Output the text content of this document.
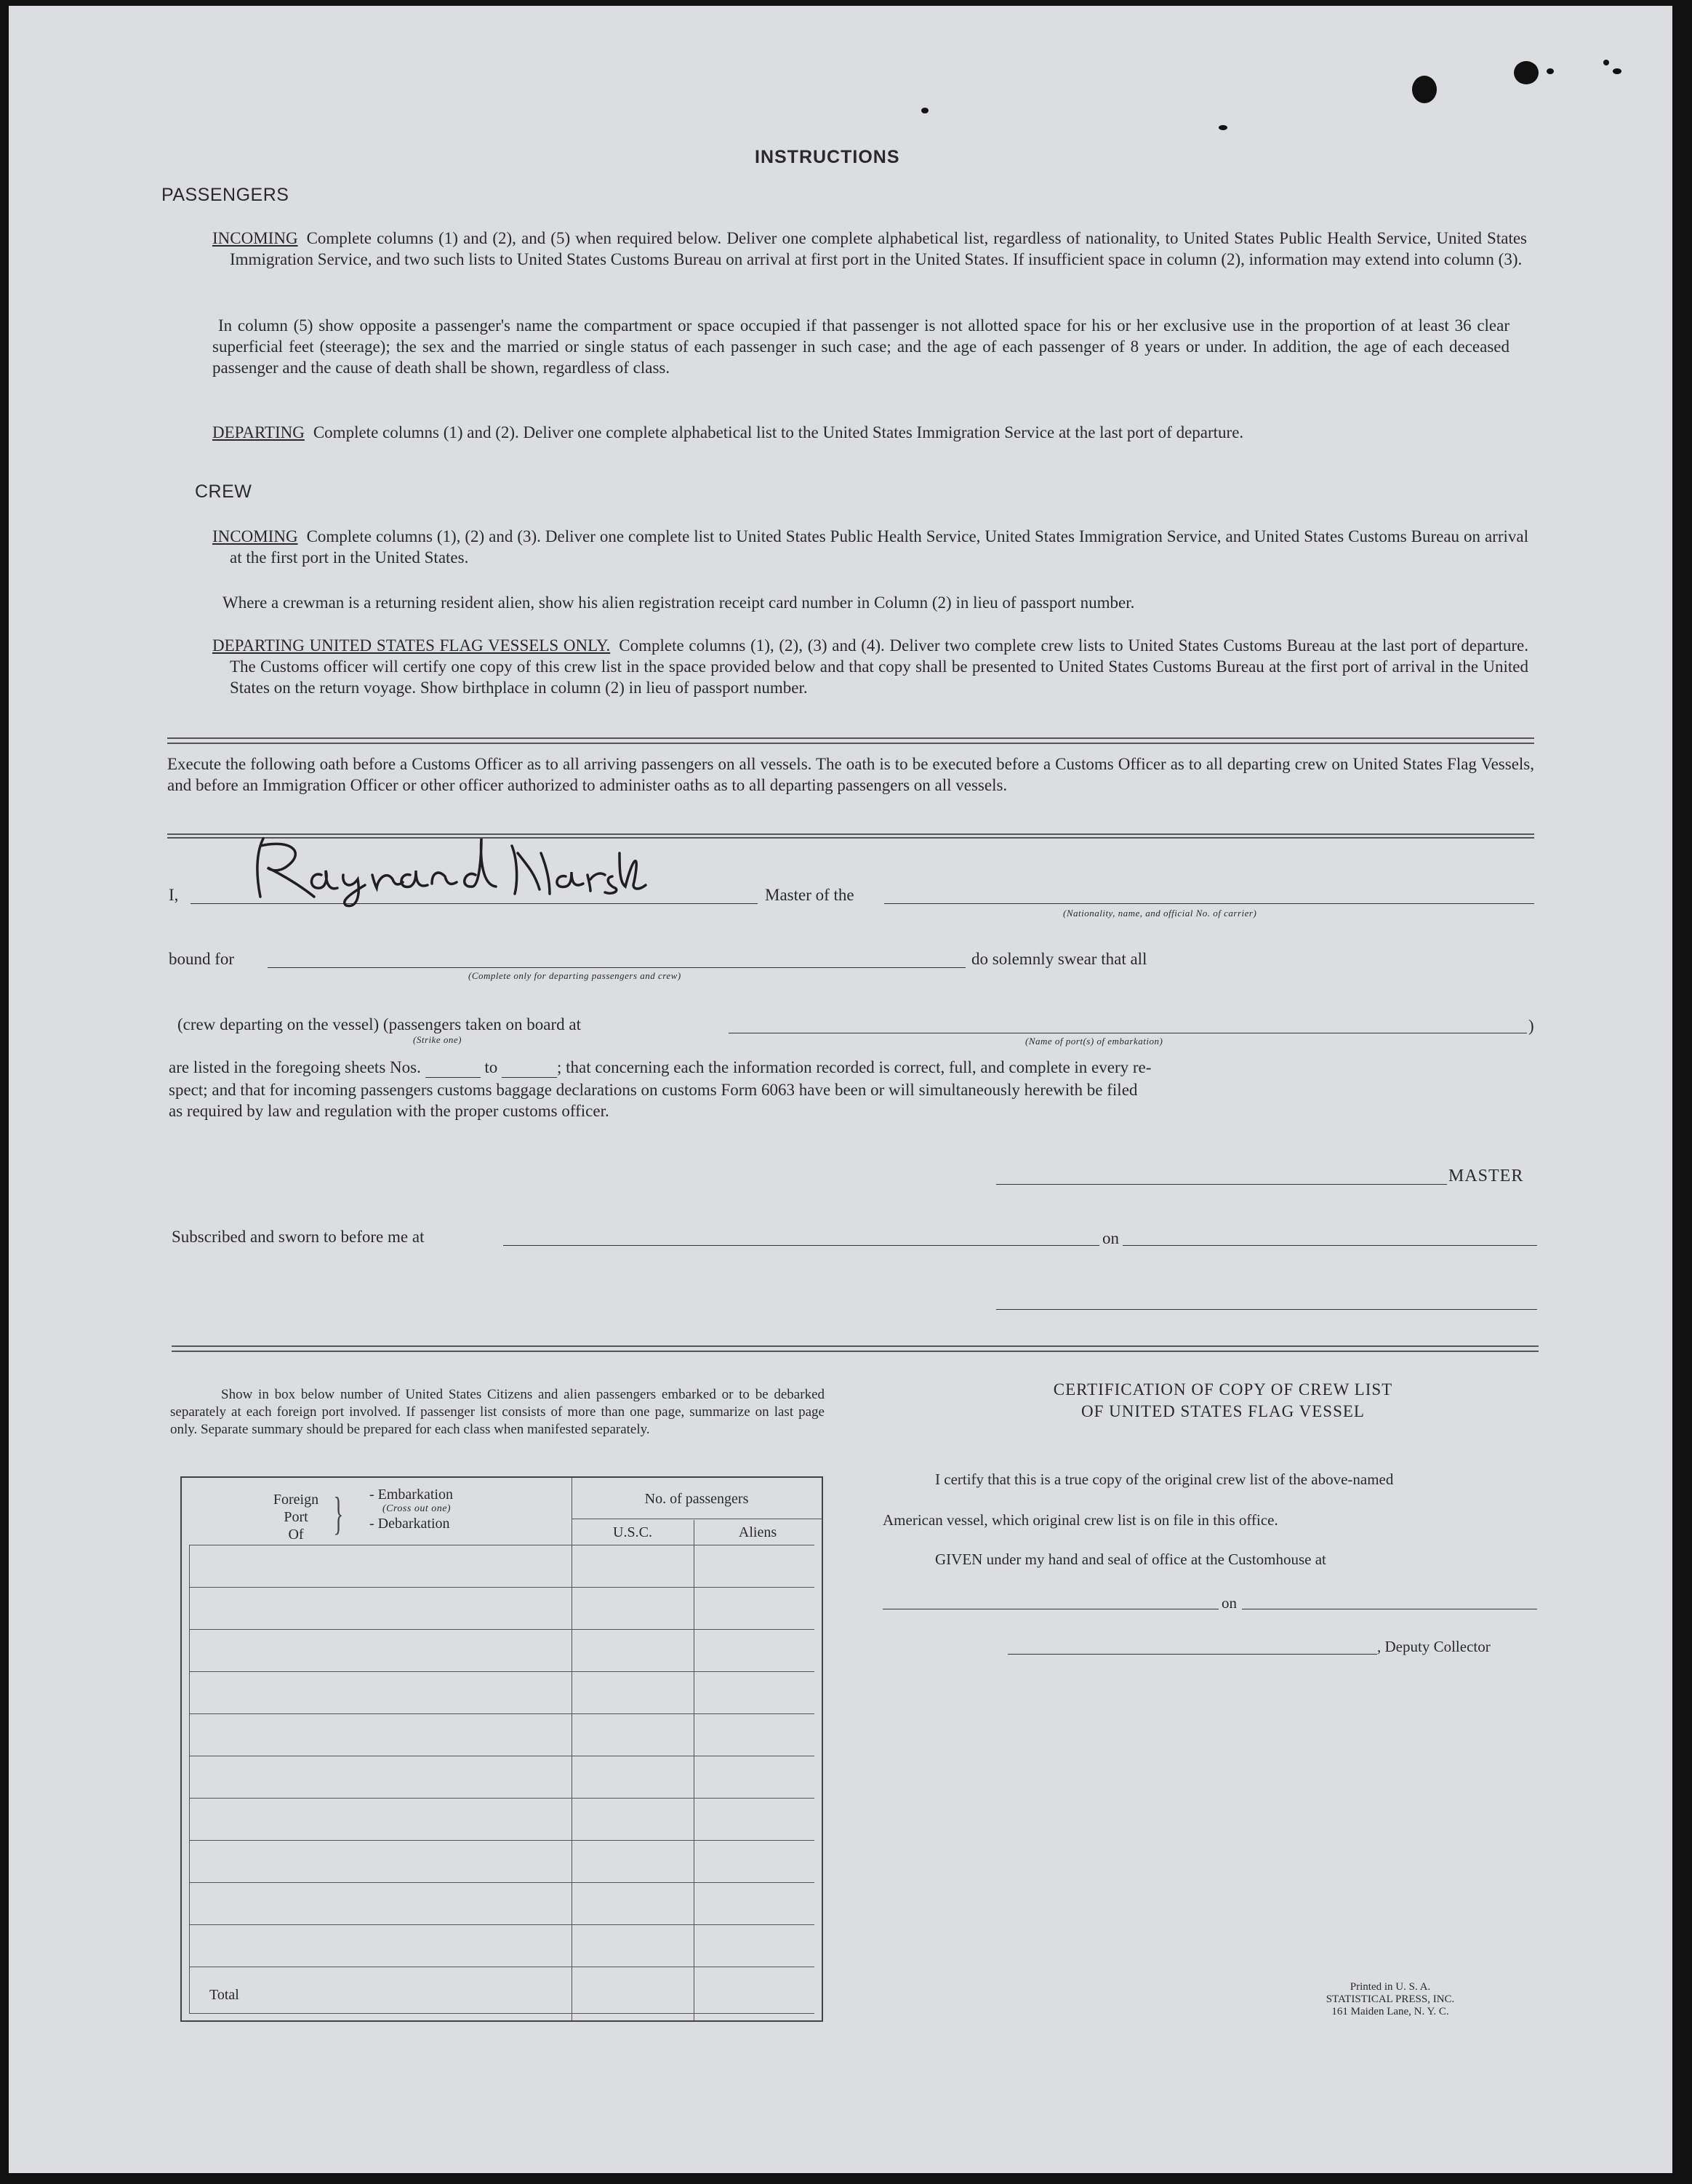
INSTRUCTIONS
PASSENGERS
INCOMING Complete columns (1) and (2), and (5) when required below. Deliver one complete alphabetical list, regardless of nationality, to United States Public Health Service, United States Immigration Service, and two such lists to United States Customs Bureau on arrival at first port in the United States. If insufficient space in column (2), information may extend into column (3).
In column (5) show opposite a passenger's name the compartment or space occupied if that passenger is not allotted space for his or her exclusive use in the proportion of at least 36 clear superficial feet (steerage); the sex and the married or single status of each passenger in such case; and the age of each passenger of 8 years or under. In addition, the age of each deceased passenger and the cause of death shall be shown, regardless of class.
DEPARTING Complete columns (1) and (2). Deliver one complete alphabetical list to the United States Immigration Service at the last port of departure.
CREW
INCOMING Complete columns (1), (2) and (3). Deliver one complete list to United States Public Health Service, United States Immigration Service, and United States Customs Bureau on arrival at the first port in the United States.
Where a crewman is a returning resident alien, show his alien registration receipt card number in Column (2) in lieu of passport number.
DEPARTING UNITED STATES FLAG VESSELS ONLY. Complete columns (1), (2), (3) and (4). Deliver two complete crew lists to United States Customs Bureau at the last port of departure. The Customs officer will certify one copy of this crew list in the space provided below and that copy shall be presented to United States Customs Bureau at the first port of arrival in the United States on the return voyage. Show birthplace in column (2) in lieu of passport number.
Execute the following oath before a Customs Officer as to all arriving passengers on all vessels. The oath is to be executed before a Customs Officer as to all departing crew on United States Flag Vessels, and before an Immigration Officer or other officer authorized to administer oaths as to all departing passengers on all vessels.
I,	Master of the
(Nationality, name, and official No. of carrier)
bound for
(Complete only for departing passengers and crew)
do solemnly swear that all
(crew departing on the vessel) (passengers taken on board at
(Strike one)	(Name of port(s) of embarkation)
)
are listed in the foregoing sheets Nos.	to	; that concerning each the information recorded is correct, full, and complete in every re-
spect; and that for incoming passengers customs baggage declarations on customs Form 6063 have been or will simultaneously herewith be filed
as required by law and regulation with the proper customs officer.
MASTER
Subscribed and sworn to before me at	on
Show in box below number of United States Citizens and alien passengers embarked or to be debarked separately at each foreign port involved. If passenger list consists of more than one page, summarize on last page only. Separate summary should be prepared for each class when manifested separately.
Foreign
Port
Of } - Embarkation
(Cross out one)
- Debarkation
No. of passengers
U.S.C.	Aliens
Total
CERTIFICATION OF COPY OF CREW LIST
OF UNITED STATES FLAG VESSEL
I certify that this is a true copy of the original crew list of the above-named
American vessel, which original crew list is on file in this office.
GIVEN under my hand and seal of office at the Customhouse at
on
, Deputy Collector
Printed in U. S. A.
STATISTICAL PRESS, INC.
161 Maiden Lane, N. Y. C.
